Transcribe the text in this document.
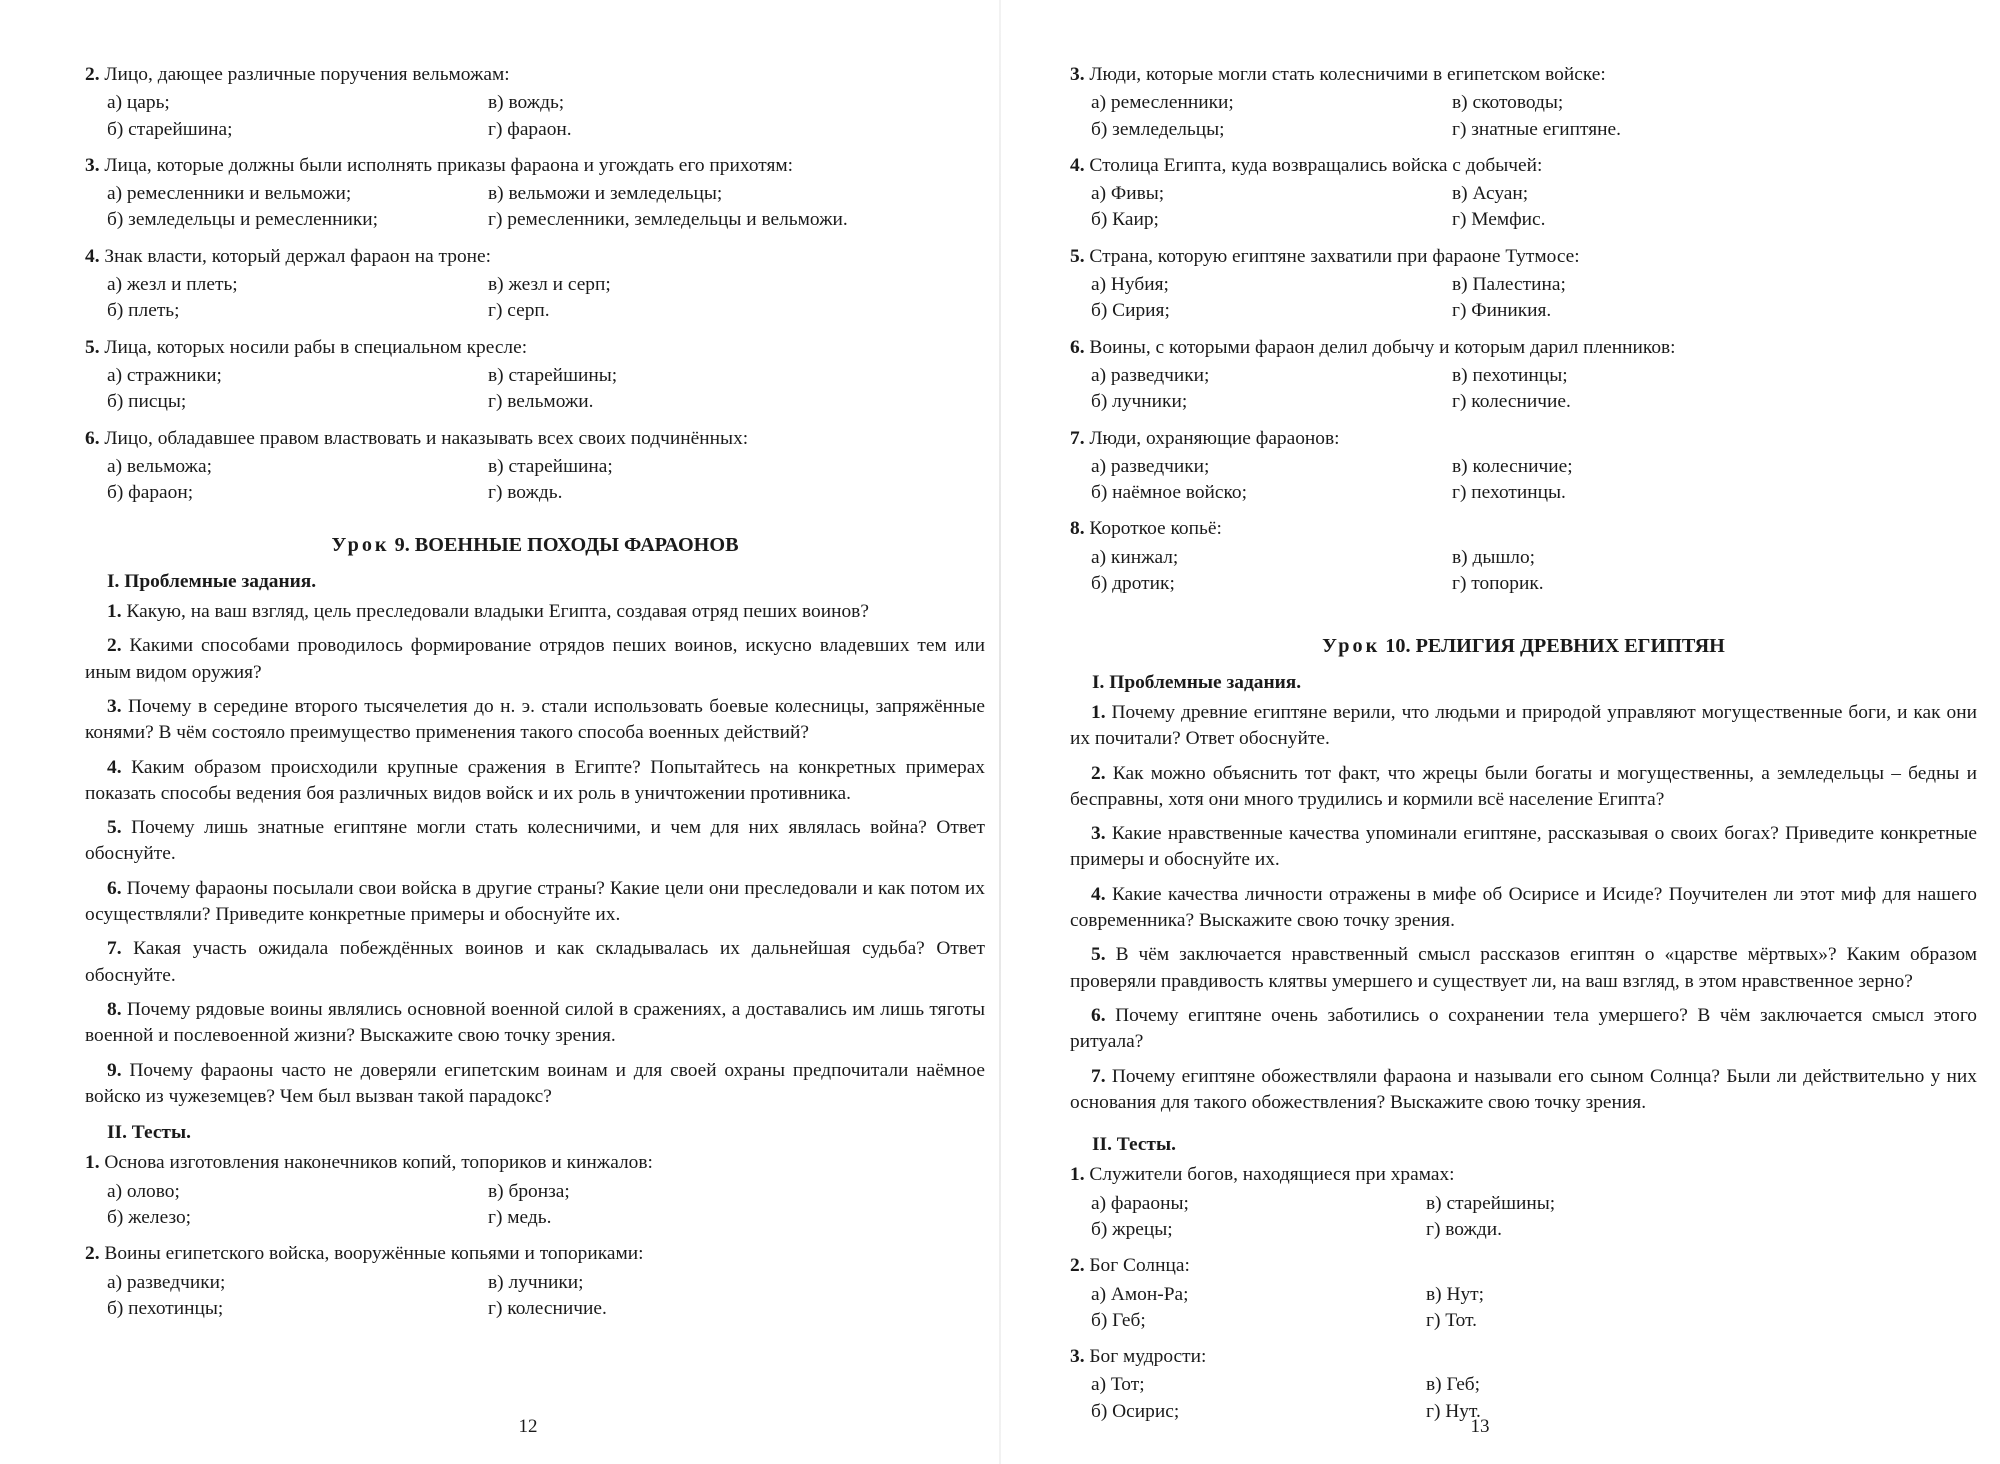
2. Лицо, дающее различные поручения вельможам:
а) царь;	в) вождь;
б) старейшина;	г) фараон.
3. Лица, которые должны были исполнять приказы фараона и угождать его прихотям:
а) ремесленники и вельможи;	в) вельможи и земледельцы;
б) земледельцы и ремесленники;	г) ремесленники, земледельцы и вельможи.
4. Знак власти, который держал фараон на троне:
а) жезл и плеть;	в) жезл и серп;
б) плеть;	г) серп.
5. Лица, которых носили рабы в специальном кресле:
а) стражники;	в) старейшины;
б) писцы;	г) вельможи.
6. Лицо, обладавшее правом властвовать и наказывать всех своих подчинённых:
а) вельможа;	в) старейшина;
б) фараон;	г) вождь.
Урок 9. ВОЕННЫЕ ПОХОДЫ ФАРАОНОВ
I. Проблемные задания.

1. Какую, на ваш взгляд, цель преследовали владыки Египта, создавая отряд пеших воинов?

2. Какими способами проводилось формирование отрядов пеших воинов, искусно владевших тем или иным видом оружия?

3. Почему в середине второго тысячелетия до н. э. стали использовать боевые колесницы, запряжённые конями? В чём состояло преимущество применения такого способа военных действий?

4. Каким образом происходили крупные сражения в Египте? Попытайтесь на конкретных примерах показать способы ведения боя различных видов войск и их роль в уничтожении противника.

5. Почему лишь знатные египтяне могли стать колесничими, и чем для них являлась война? Ответ обоснуйте.

6. Почему фараоны посылали свои войска в другие страны? Какие цели они преследовали и как потом их осуществляли? Приведите конкретные примеры и обоснуйте их.

7. Какая участь ожидала побеждённых воинов и как складывалась их дальнейшая судьба? Ответ обоснуйте.

8. Почему рядовые воины являлись основной военной силой в сражениях, а доставались им лишь тяготы военной и послевоенной жизни? Выскажите свою точку зрения.

9. Почему фараоны часто не доверяли египетским воинам и для своей охраны предпочитали наёмное войско из чужеземцев? Чем был вызван такой парадокс?

II. Тесты.
1. Основа изготовления наконечников копий, топориков и кинжалов:
а) олово;	в) бронза;
б) железо;	г) медь.
2. Воины египетского войска, вооружённые копьями и топориками:
а) разведчики;	в) лучники;
б) пехотинцы;	г) колесничие.
12
3. Люди, которые могли стать колесничими в египетском войске:
а) ремесленники;	в) скотоводы;
б) земледельцы;	г) знатные египтяне.
4. Столица Египта, куда возвращались войска с добычей:
а) Фивы;	в) Асуан;
б) Каир;	г) Мемфис.
5. Страна, которую египтяне захватили при фараоне Тутмосе:
а) Нубия;	в) Палестина;
б) Сирия;	г) Финикия.
6. Воины, с которыми фараон делил добычу и которым дарил пленников:
а) разведчики;	в) пехотинцы;
б) лучники;	г) колесничие.
7. Люди, охраняющие фараонов:
а) разведчики;	в) колесничие;
б) наёмное войско;	г) пехотинцы.
8. Короткое копьё:
а) кинжал;	в) дышло;
б) дротик;	г) топорик.
Урок 10. РЕЛИГИЯ ДРЕВНИХ ЕГИПТЯН
I. Проблемные задания.

1. Почему древние египтяне верили, что людьми и природой управляют могущественные боги, и как они их почитали? Ответ обоснуйте.

2. Как можно объяснить тот факт, что жрецы были богаты и могущественны, а земледельцы – бедны и бесправны, хотя они много трудились и кормили всё население Египта?

3. Какие нравственные качества упоминали египтяне, рассказывая о своих богах? Приведите конкретные примеры и обоснуйте их.

4. Какие качества личности отражены в мифе об Осирисе и Исиде? Поучителен ли этот миф для нашего современника? Выскажите свою точку зрения.

5. В чём заключается нравственный смысл рассказов египтян о «царстве мёртвых»? Каким образом проверяли правдивость клятвы умершего и существует ли, на ваш взгляд, в этом нравственное зерно?

6. Почему египтяне очень заботились о сохранении тела умершего? В чём заключается смысл этого ритуала?

7. Почему египтяне обожествляли фараона и называли его сыном Солнца? Были ли действительно у них основания для такого обожествления? Выскажите свою точку зрения.

II. Тесты.
1. Служители богов, находящиеся при храмах:
а) фараоны;	в) старейшины;
б) жрецы;	г) вожди.
2. Бог Солнца:
а) Амон-Ра;	в) Нут;
б) Геб;	г) Тот.
3. Бог мудрости:
а) Тот;	в) Геб;
б) Осирис;	г) Нут.
13
